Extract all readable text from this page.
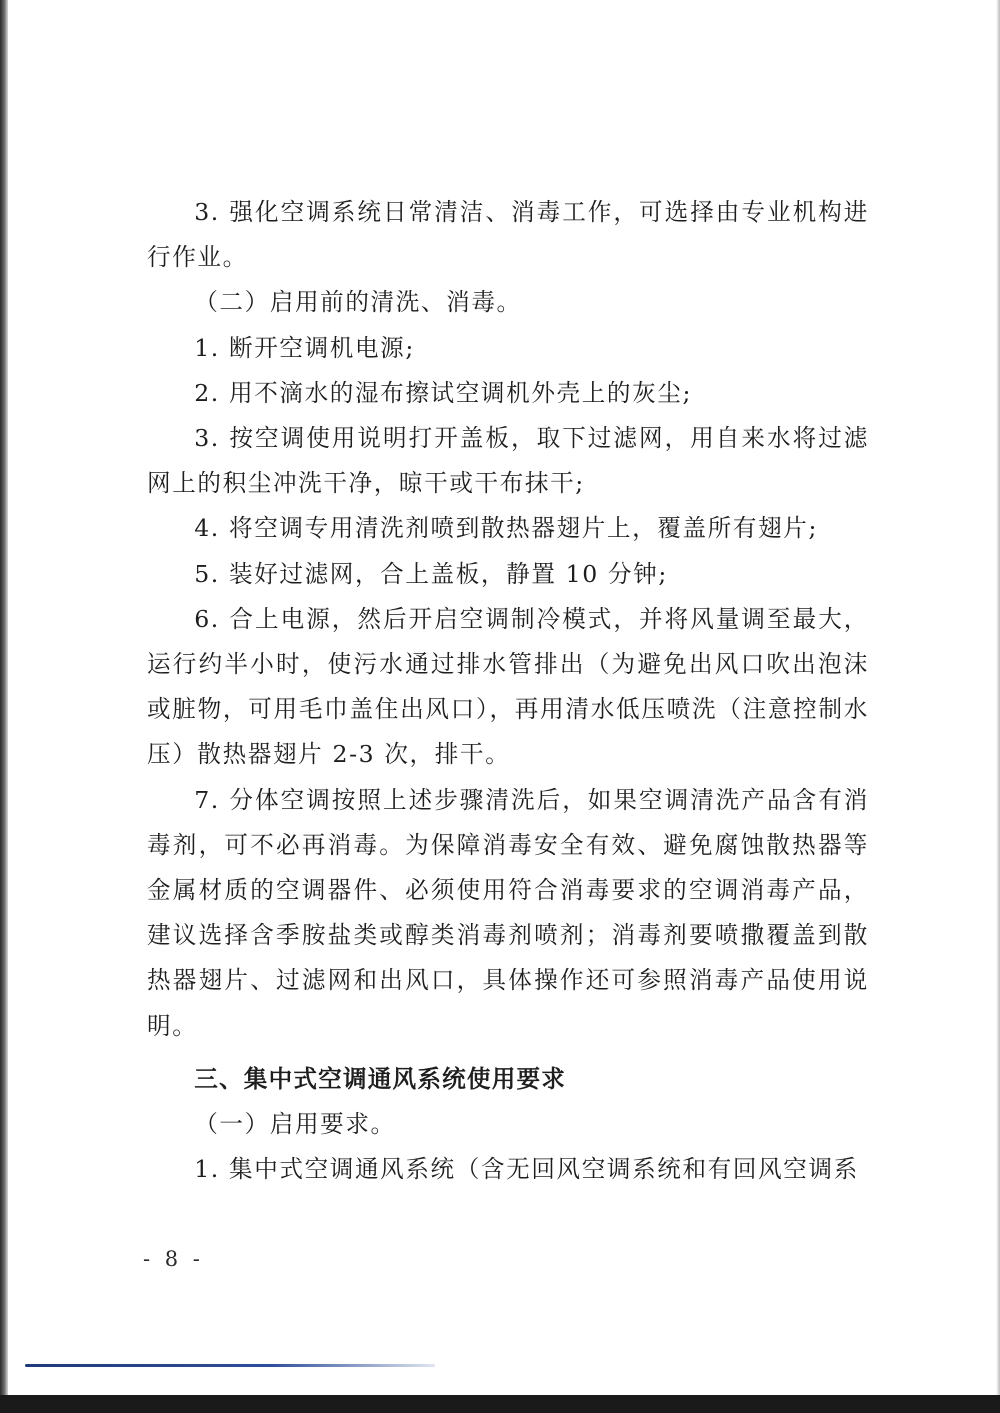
3. 强化空调系统日常清洁、消毒工作，可选择由专业机构进行作业。

（二）启用前的清洗、消毒。

1. 断开空调机电源;

2. 用不滴水的湿布擦试空调机外壳上的灰尘;

3. 按空调使用说明打开盖板，取下过滤网，用自来水将过滤网上的积尘冲洗干净，晾干或干布抹干;

4. 将空调专用清洗剂喷到散热器翅片上，覆盖所有翅片;

5. 装好过滤网，合上盖板，静置 10 分钟;

6. 合上电源，然后开启空调制冷模式，并将风量调至最大，运行约半小时，使污水通过排水管排出（为避免出风口吹出泡沫或脏物，可用毛巾盖住出风口），再用清水低压喷洗（注意控制水压）散热器翅片 2-3 次，排干。

7. 分体空调按照上述步骤清洗后，如果空调清洗产品含有消毒剂，可不必再消毒。为保障消毒安全有效、避免腐蚀散热器等金属材质的空调器件、必须使用符合消毒要求的空调消毒产品，建议选择含季胺盐类或醇类消毒剂喷剂；消毒剂要喷撒覆盖到散热器翅片、过滤网和出风口，具体操作还可参照消毒产品使用说明。

三、集中式空调通风系统使用要求

（一）启用要求。

1. 集中式空调通风系统（含无回风空调系统和有回风空调系

- 8 -
